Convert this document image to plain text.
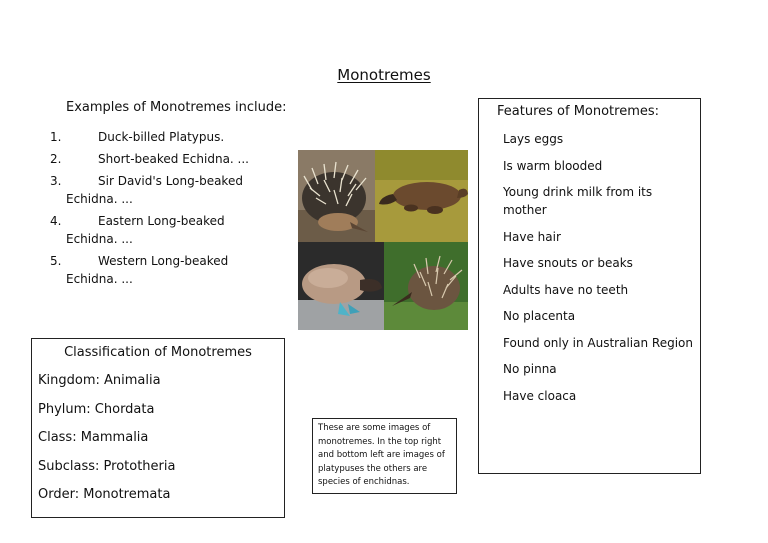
Monotremes
Examples of Monotremes include:
1.	Duck-billed Platypus.
2.	Short-beaked Echidna. ...
3.	Sir David's Long-beaked
Echidna. ...
4.	Eastern Long-beaked
Echidna. ...
5.	Western Long-beaked
Echidna. ...
Features of Monotremes:
Lays eggs
Is warm blooded
Young drink milk from its mother
Have hair
Have snouts or beaks
Adults have no teeth
No placenta
Found only in Australian Region
No pinna
Have cloaca
Classification of Monotremes
Kingdom: Animalia
Phylum: Chordata
Class: Mammalia
Subclass: Prototheria
Order: Monotremata
These are some images of monotremes. In the top right and bottom left are images of platypuses the others are species of enchidnas.
